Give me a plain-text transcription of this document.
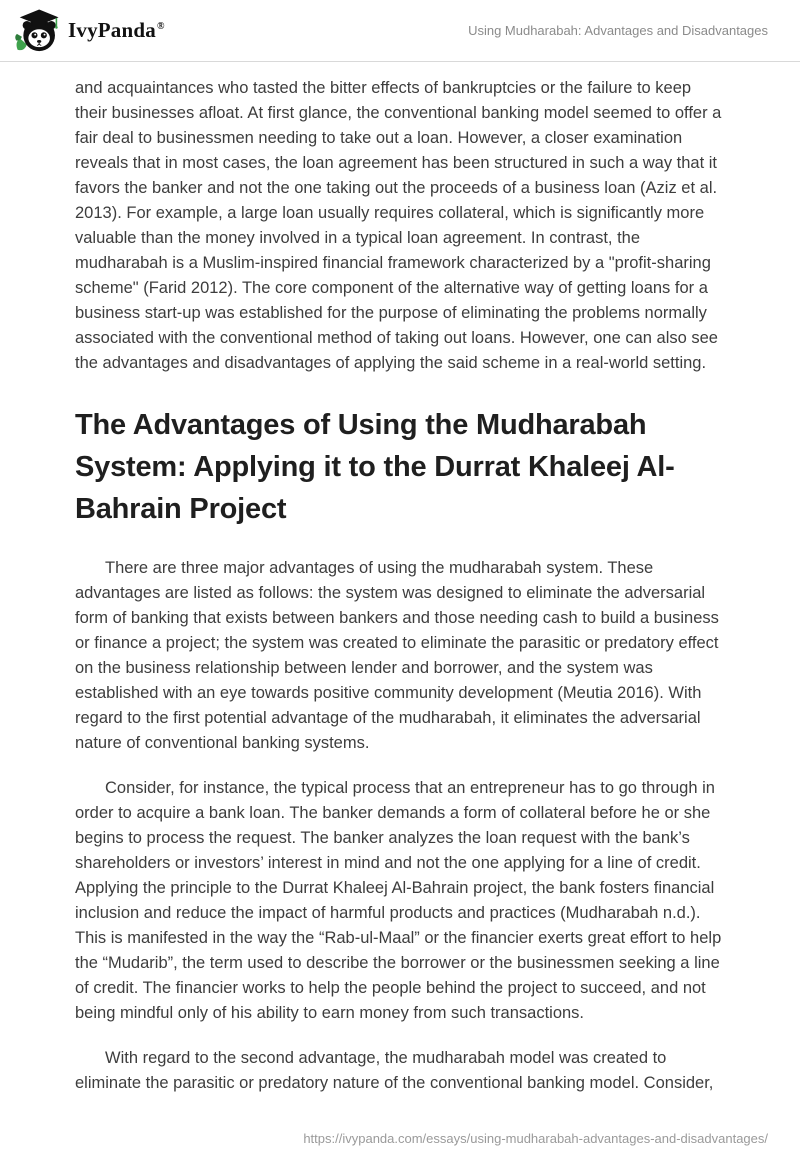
IvyPanda®	Using Mudharabah: Advantages and Disadvantages

and acquaintances who tasted the bitter effects of bankruptcies or the failure to keep their businesses afloat. At first glance, the conventional banking model seemed to offer a fair deal to businessmen needing to take out a loan. However, a closer examination reveals that in most cases, the loan agreement has been structured in such a way that it favors the banker and not the one taking out the proceeds of a business loan (Aziz et al. 2013). For example, a large loan usually requires collateral, which is significantly more valuable than the money involved in a typical loan agreement. In contrast, the mudharabah is a Muslim-inspired financial framework characterized by a "profit-sharing scheme" (Farid 2012). The core component of the alternative way of getting loans for a business start-up was established for the purpose of eliminating the problems normally associated with the conventional method of taking out loans. However, one can also see the advantages and disadvantages of applying the said scheme in a real-world setting.

The Advantages of Using the Mudharabah System: Applying it to the Durrat Khaleej Al-Bahrain Project

There are three major advantages of using the mudharabah system. These advantages are listed as follows: the system was designed to eliminate the adversarial form of banking that exists between bankers and those needing cash to build a business or finance a project; the system was created to eliminate the parasitic or predatory effect on the business relationship between lender and borrower, and the system was established with an eye towards positive community development (Meutia 2016). With regard to the first potential advantage of the mudharabah, it eliminates the adversarial nature of conventional banking systems.

Consider, for instance, the typical process that an entrepreneur has to go through in order to acquire a bank loan. The banker demands a form of collateral before he or she begins to process the request. The banker analyzes the loan request with the bank’s shareholders or investors’ interest in mind and not the one applying for a line of credit. Applying the principle to the Durrat Khaleej Al-Bahrain project, the bank fosters financial inclusion and reduce the impact of harmful products and practices (Mudharabah n.d.). This is manifested in the way the “Rab-ul-Maal” or the financier exerts great effort to help the “Mudarib”, the term used to describe the borrower or the businessmen seeking a line of credit. The financier works to help the people behind the project to succeed, and not being mindful only of his ability to earn money from such transactions.

With regard to the second advantage, the mudharabah model was created to eliminate the parasitic or predatory nature of the conventional banking model. Consider,

https://ivypanda.com/essays/using-mudharabah-advantages-and-disadvantages/
